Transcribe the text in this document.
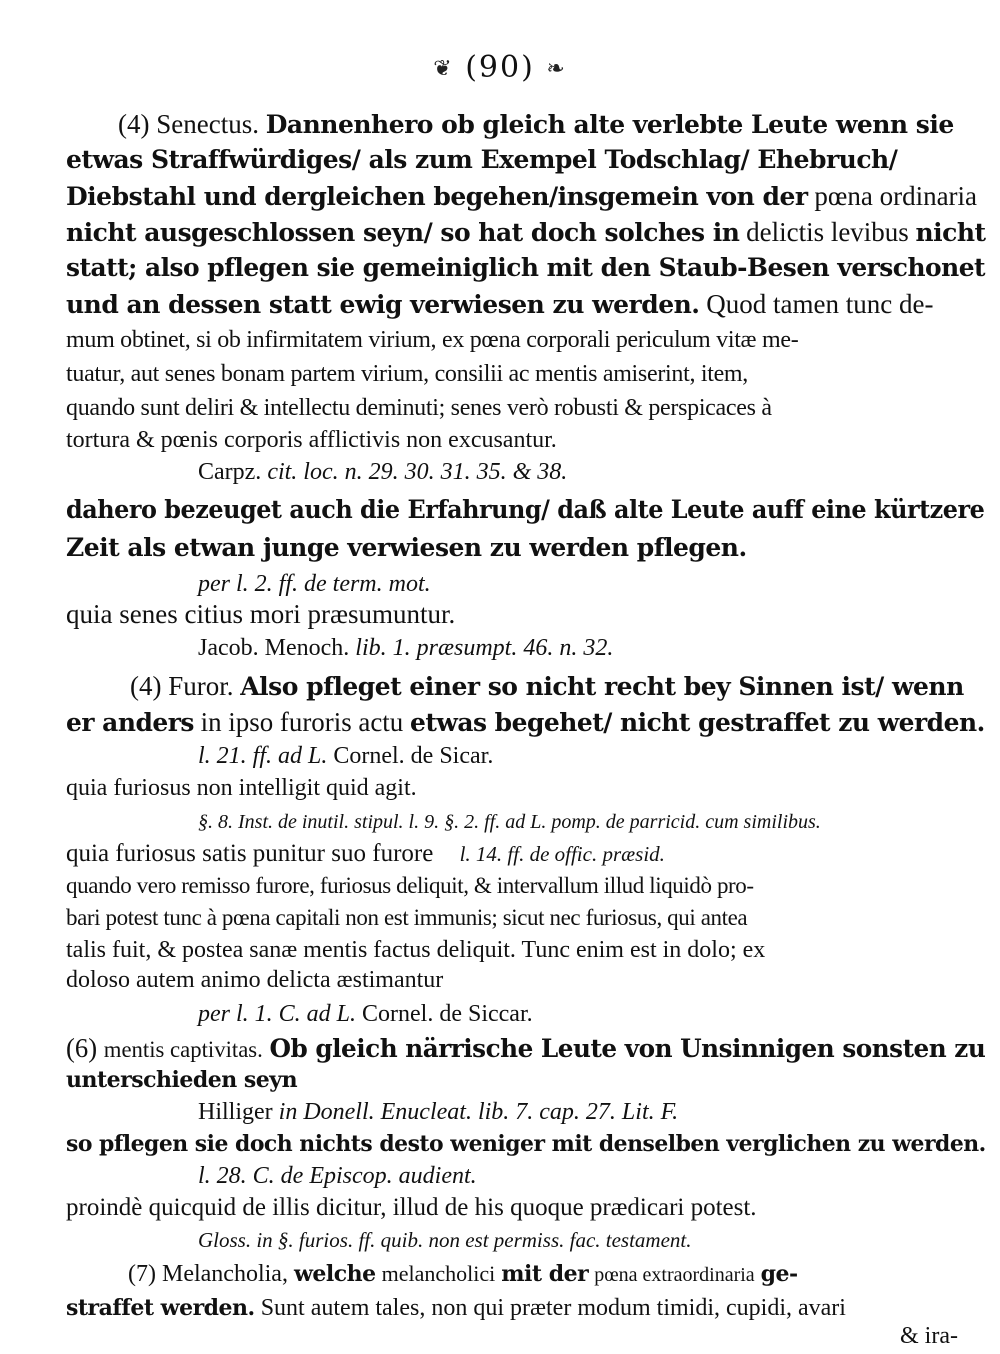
❦ (90) ❧
(4) Senectus. Dannenhero ob gleich alte verlebte Leute wenn sie
etwas Straffwürdiges/ als zum Exempel Todschlag/ Ehebruch/
Diebstahl und dergleichen begehen/insgemein von der pœna ordinaria
nicht ausgeschlossen seyn/ so hat doch solches in delictis levibus nicht
statt; also pflegen sie gemeiniglich mit den Staub-Besen verschonet
und an dessen statt ewig verwiesen zu werden. Quod tamen tunc de-
mum obtinet, si ob infirmitatem virium, ex pœna corporali periculum vitæ me-
tuatur, aut senes bonam partem virium, consilii ac mentis amiserint, item,
quando sunt deliri & intellectu deminuti; senes verò robusti & perspicaces à
tortura & pœnis corporis afflictivis non excusantur.
Carpz. cit. loc. n. 29. 30. 31. 35. & 38.
dahero bezeuget auch die Erfahrung/ daß alte Leute auff eine kürtzere
Zeit als etwan junge verwiesen zu werden pflegen.
per l. 2. ff. de term. mot.
quia senes citius mori præsumuntur.
Jacob. Menoch. lib. 1. præsumpt. 46. n. 32.
(4) Furor. Also pfleget einer so nicht recht bey Sinnen ist/ wenn
er anders in ipso furoris actu etwas begehet/ nicht gestraffet zu werden.
l. 21. ff. ad L. Cornel. de Sicar.
quia furiosus non intelligit quid agit.
§. 8. Inst. de inutil. stipul. l. 9. §. 2. ff. ad L. pomp. de parricid. cum similibus.
quia furiosus satis punitur suo furore l. 14. ff. de offic. præsid.
quando vero remisso furore, furiosus deliquit, & intervallum illud liquidò pro-
bari potest tunc à pœna capitali non est immunis; sicut nec furiosus, qui antea
talis fuit, & postea sanæ mentis factus deliquit. Tunc enim est in dolo; ex
doloso autem animo delicta æstimantur
per l. 1. C. ad L. Cornel. de Siccar.
(6) mentis captivitas. Ob gleich närrische Leute von Unsinnigen sonsten zu
unterschieden seyn
Hilliger in Donell. Enucleat. lib. 7. cap. 27. Lit. F.
so pflegen sie doch nichts desto weniger mit denselben verglichen zu werden.
l. 28. C. de Episcop. audient.
proindè quicquid de illis dicitur, illud de his quoque prædicari potest.
Gloss. in §. furios. ff. quib. non est permiss. fac. testament.
(7) Melancholia, welche melancholici mit der pœna extraordinaria ge-
straffet werden. Sunt autem tales, non qui præter modum timidi, cupidi, avari
& ira-
